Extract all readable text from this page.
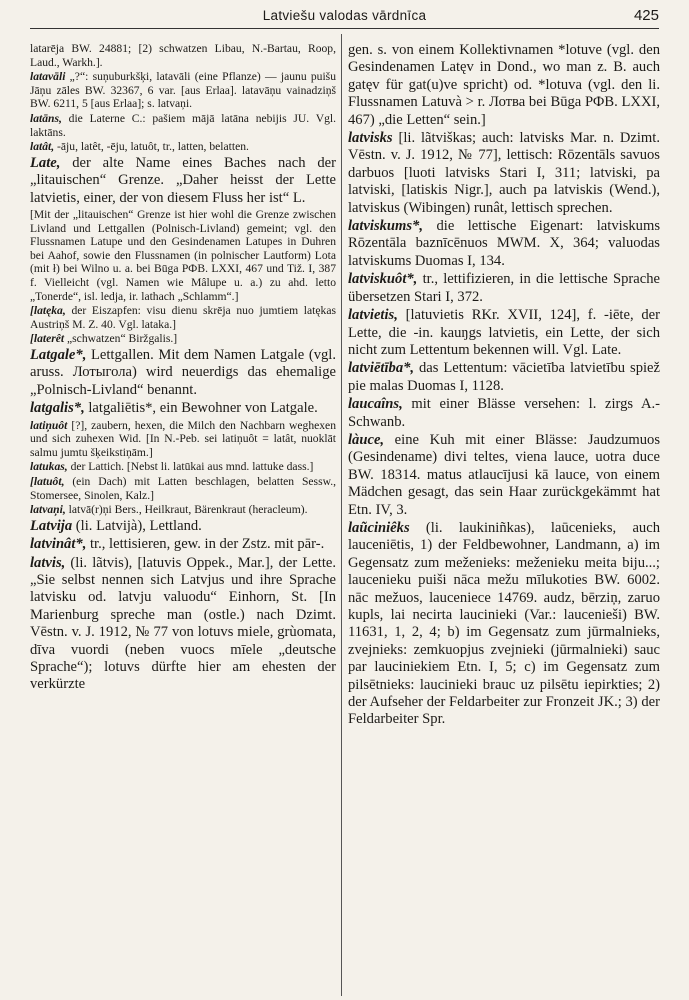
Latviešu valodas vārdnīca	425

latarēja BW. 24881; [2) schwatzen Libau, N.-Bartau, Roop, Laud., Warkh.].

latavāli „?“: suņuburkšķi, latavāli (eine Pflanze) — jaunu puišu Jāņu zāles BW. 32367, 6 var. [aus Erlaa]. latavāņu vainadziņš BW. 6211, 5 [aus Erlaa]; s. latvaņi.

latāns, die Laterne C.: pašiem mājā latāna nebijis JU. Vgl. laktāns.

latât, -āju, latêt, -ēju, latuôt, tr., latten, belatten.

Late, der alte Name eines Baches nach der „litauischen“ Grenze. „Daher heisst der Lette latvietis, einer, der von diesem Fluss her ist“ L.

[Mit der „litauischen“ Grenze ist hier wohl die Grenze zwischen Livland und Lettgallen (Polnisch-Livland) gemeint; vgl. den Flussnamen Latupe und den Gesindenamen Latupes in Duhren bei Aahof, sowie den Flussnamen (in polnischer Lautform) Lota (mit ł) bei Wilno u. a. bei Būga РФВ. LXXI, 467 und Tiž. I, 387 f. Vielleicht (vgl. Namen wie Mâlupe u. a.) zu ahd. letto „Tonerde“, isl. ledja, ir. lathach „Schlamm“.]

[latęka, der Eiszapfen: visu dienu skrēja nuo jumtiem latękas Austriņš M. Z. 40. Vgl. lataka.]

[laterêt „schwatzen“ Biržgalis.]

Latgale*, Lettgallen. Mit dem Namen Latgale (vgl. aruss. Лотыгола) wird neuerdigs das ehemalige „Polnisch-Livland“ benannt.

latgalis*, latgaliētis*, ein Bewohner von Latgale.

latiņuôt [?], zaubern, hexen, die Milch den Nachbarn weghexen und sich zuhexen Wid. [In N.-Peb. sei latiņuôt = latât, nuoklāt salmu jumtu šķeikstiņām.]

latukas, der Lattich. [Nebst li. latūkai aus mnd. lattuke dass.]

[latuôt, (ein Dach) mit Latten beschlagen, belatten Sessw., Stomersee, Sinolen, Kalz.]

latvaņi, latvā(r)ņi Bers., Heilkraut, Bärenkraut (heracleum).

Latvija (li. Latvijà), Lettland.

latvinât*, tr., lettisieren, gew. in der Zstz. mit pār-.

latvis, (li. lãtvis), [latuvis Oppek., Mar.], der Lette. „Sie selbst nennen sich Latvjus und ihre Sprache latvisku od. latvju valuodu“ Einhorn, St. [In Marienburg spreche man (ostle.) nach Dzimt. Vēstn. v. J. 1912, № 77 von lotuvs miele, grùomata, dīva vuordi (neben vuocs mīele „deutsche Sprache“); lotuvs dürfte hier am ehesten der verkürzte

gen. s. von einem Kollektivnamen *lotuve (vgl. den Gesindenamen Latęv in Dond., wo man z. B. auch gatęv für gat(u)ve spricht) od. *lotuva (vgl. den li. Flussnamen Latuvà > r. Лотва bei Būga РФВ. LXXI, 467) „die Letten“ sein.]

latvisks [li. lãtviškas; auch: latvisks Mar. n. Dzimt. Vēstn. v. J. 1912, № 77], lettisch: Rōzentāls savuos darbuos [luoti latvisks Stari I, 311; latviski, pa latviski, [latiskis Nigr.], auch pa latviskis (Wend.), latviskus (Wibingen) runât, lettisch sprechen.

latviskums*, die lettische Eigenart: latviskums Rōzentāla baznīcēnuos MWM. X, 364; valuodas latviskums Duomas I, 134.

latviskuôt*, tr., lettifizieren, in die lettische Sprache übersetzen Stari I, 372.

latvietis, [latuvietis RKr. XVII, 124], f. -iēte, der Lette, die -in. kauŋgs latvietis, ein Lette, der sich nicht zum Lettentum bekennen will. Vgl. Late.

latviētība*, das Lettentum: vācietība latvietību spiež pie malas Duomas I, 1128.

laucaîns, mit einer Blässe versehen: l. zirgs A.-Schwanb.

làuce, eine Kuh mit einer Blässe: Jaudzumuos (Gesindename) divi teltes, viena lauce, uotra duce BW. 18314. matus atlaucījusi kā lauce, von einem Mädchen gesagt, das sein Haar zurückgekämmt hat Etn. IV, 3.

laũciniêks (li. laukiniñkas), laūcenieks, auch lauceniētis, 1) der Feldbewohner, Landmann, a) im Gegensatz zum meženieks: meženieku meita biju...; laucenieku puiši nāca mežu mīlukoties BW. 6002. nāc mežuos, laucenieсе 14769. audz, bērziņ, zaruo kupls, lai necirta laucinieki (Var.: laucenieši) BW. 11631, 1, 2, 4; b) im Gegensatz zum jūrmalnieks, zvejnieks: zemkuopjus zvejnieki (jūrmalnieki) sauc par lauciniekiem Etn. I, 5; c) im Gegensatz zum pilsētnieks: laucinieki brauc uz pilsētu iepirkties; 2) der Aufseher der Feldarbeiter zur Fronzeit JK.; 3) der Feldarbeiter Spr.
